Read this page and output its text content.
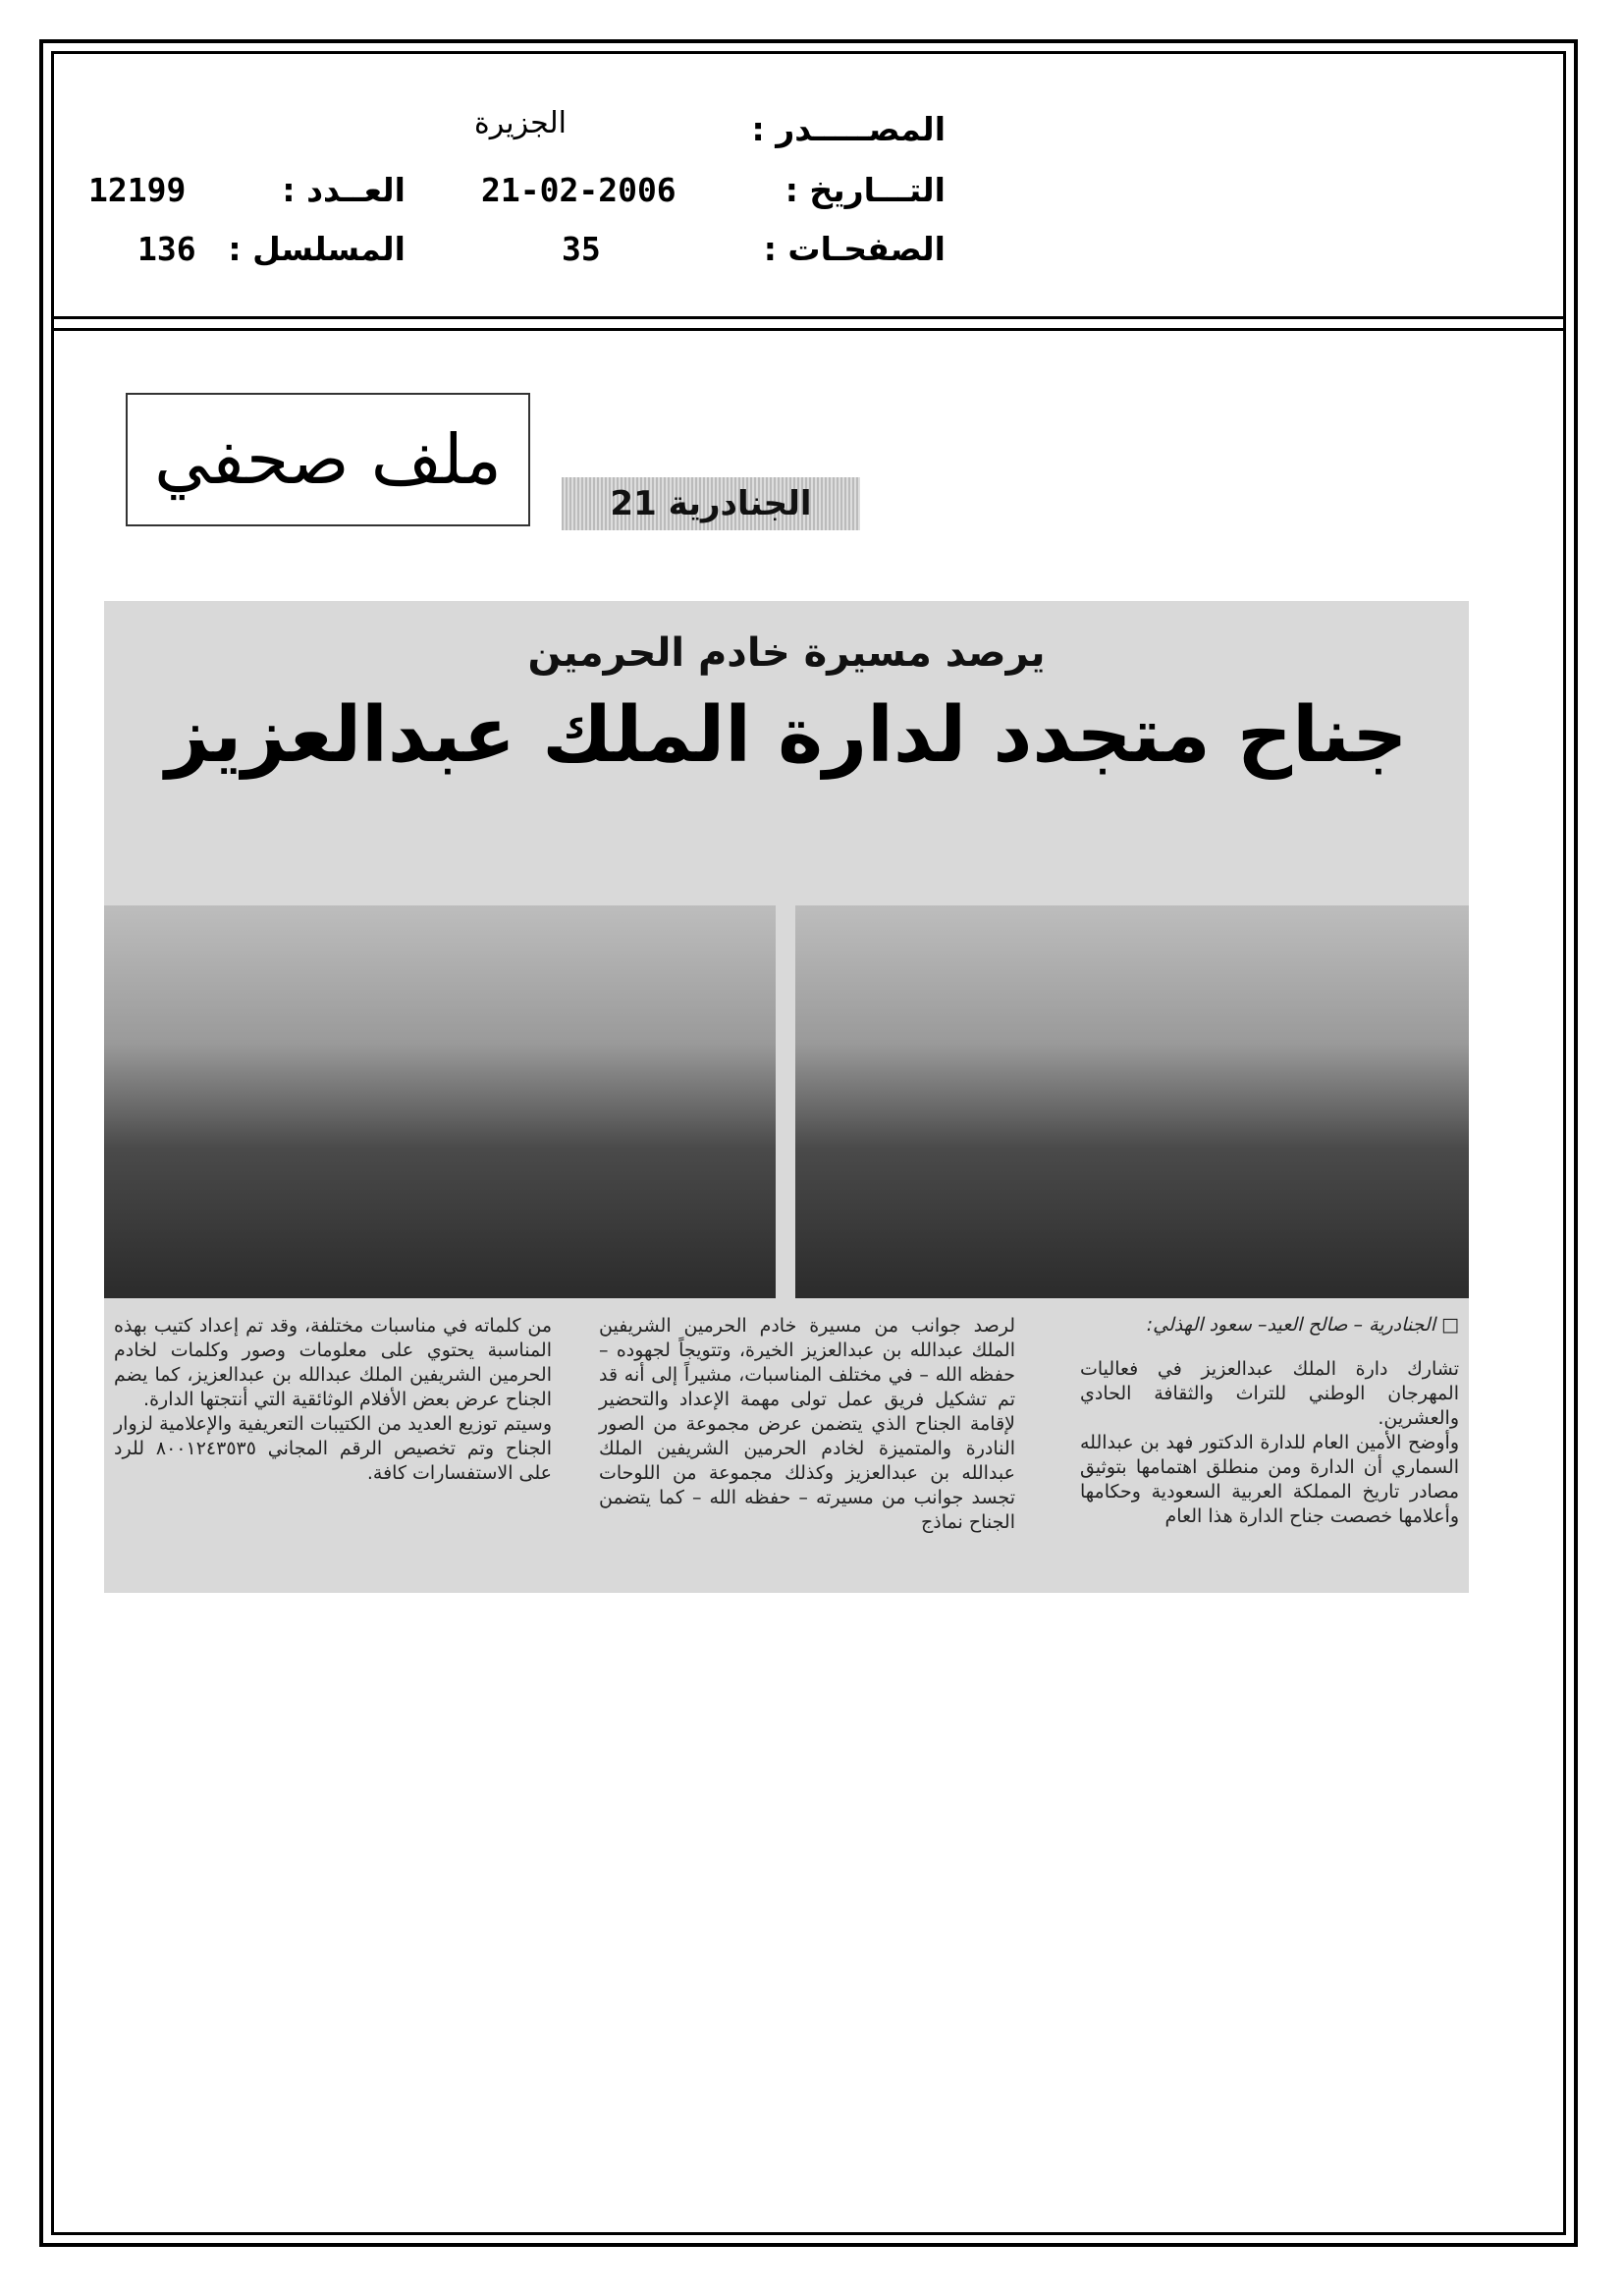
المصـــــدر :
الجزيرة
التـــاريخ :
21-02-2006
العــدد :
12199
الصفحـات :
35
المسلسل :
136
ملف صحفي
الجنادرية 21
يرصد مسيرة خادم الحرمين
جناح متجدد لدارة الملك عبدالعزيز
□ الجنادرية – صالح العيد– سعود الهذلي:

تشارك دارة الملك عبدالعزيز في فعاليات المهرجان الوطني للتراث والثقافة الحادي والعشرين.

وأوضح الأمين العام للدارة الدكتور فهد بن عبدالله السماري أن الدارة ومن منطلق اهتمامها بتوثيق مصادر تاريخ المملكة العربية السعودية وحكامها وأعلامها خصصت جناح الدارة هذا العام

لرصد جوانب من مسيرة خادم الحرمين الشريفين الملك عبدالله بن عبدالعزيز الخيرة، وتتويجاً لجهوده – حفظه الله – في مختلف المناسبات، مشيراً إلى أنه قد تم تشكيل فريق عمل تولى مهمة الإعداد والتحضير لإقامة الجناح الذي يتضمن عرض مجموعة من الصور النادرة والمتميزة لخادم الحرمين الشريفين الملك عبدالله بن عبدالعزيز وكذلك مجموعة من اللوحات تجسد جوانب من مسيرته – حفظه الله – كما يتضمن الجناح نماذج

من كلماته في مناسبات مختلفة، وقد تم إعداد كتيب بهذه المناسبة يحتوي على معلومات وصور وكلمات لخادم الحرمين الشريفين الملك عبدالله بن عبدالعزيز، كما يضم الجناح عرض بعض الأفلام الوثائقية التي أنتجتها الدارة.

وسيتم توزيع العديد من الكتيبات التعريفية والإعلامية لزوار الجناح وتم تخصيص الرقم المجاني ٨٠٠١٢٤٣٥٣٥ للرد على الاستفسارات كافة.
